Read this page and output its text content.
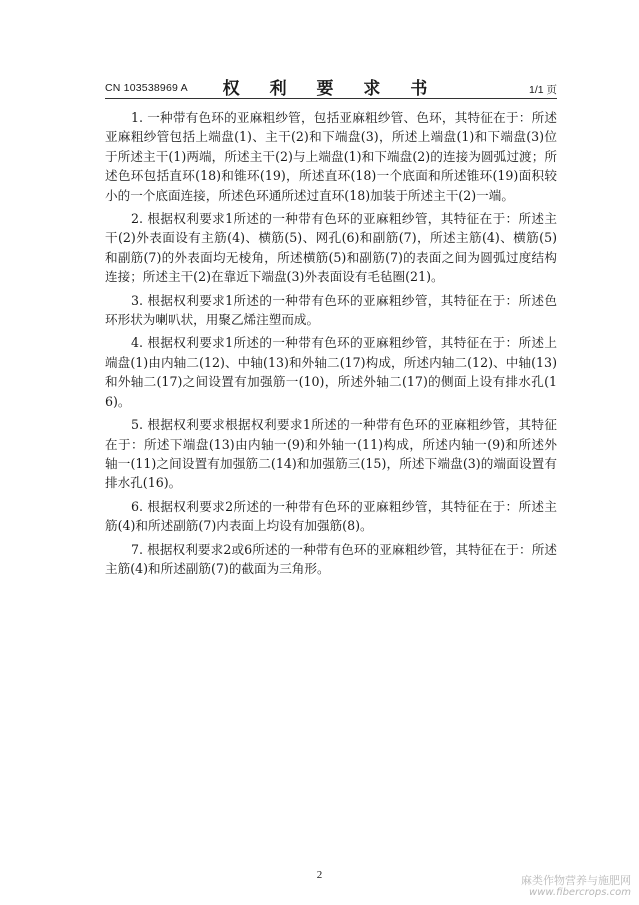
CN 103538969 A	权 利 要 求 书	1/1 页

1. 一种带有色环的亚麻粗纱管，包括亚麻粗纱管、色环，其特征在于：所述亚麻粗纱管包括上端盘(1)、主干(2)和下端盘(3)，所述上端盘(1)和下端盘(3)位于所述主干(1)两端，所述主干(2)与上端盘(1)和下端盘(2)的连接为圆弧过渡；所述色环包括直环(18)和锥环(19)，所述直环(18)一个底面和所述锥环(19)面积较小的一个底面连接，所述色环通所述过直环(18)加装于所述主干(2)一端。

2. 根据权利要求1所述的一种带有色环的亚麻粗纱管，其特征在于：所述主干(2)外表面设有主筋(4)、横筋(5)、网孔(6)和副筋(7)，所述主筋(4)、横筋(5)和副筋(7)的外表面均无棱角，所述横筋(5)和副筋(7)的表面之间为圆弧过度结构连接；所述主干(2)在靠近下端盘(3)外表面设有毛毡圈(21)。

3. 根据权利要求1所述的一种带有色环的亚麻粗纱管，其特征在于：所述色环形状为喇叭状，用聚乙烯注塑而成。

4. 根据权利要求1所述的一种带有色环的亚麻粗纱管，其特征在于：所述上端盘(1)由内轴二(12)、中轴(13)和外轴二(17)构成，所述内轴二(12)、中轴(13)和外轴二(17)之间设置有加强筋一(10)，所述外轴二(17)的侧面上设有排水孔(16)。

5. 根据权利要求根据权利要求1所述的一种带有色环的亚麻粗纱管，其特征在于：所述下端盘(13)由内轴一(9)和外轴一(11)构成，所述内轴一(9)和所述外轴一(11)之间设置有加强筋二(14)和加强筋三(15)，所述下端盘(3)的端面设置有排水孔(16)。

6. 根据权利要求2所述的一种带有色环的亚麻粗纱管，其特征在于：所述主筋(4)和所述副筋(7)内表面上均设有加强筋(8)。

7. 根据权利要求2或6所述的一种带有色环的亚麻粗纱管，其特征在于：所述主筋(4)和所述副筋(7)的截面为三角形。

2	麻类作物营养与施肥网
www.fibercrops.com
